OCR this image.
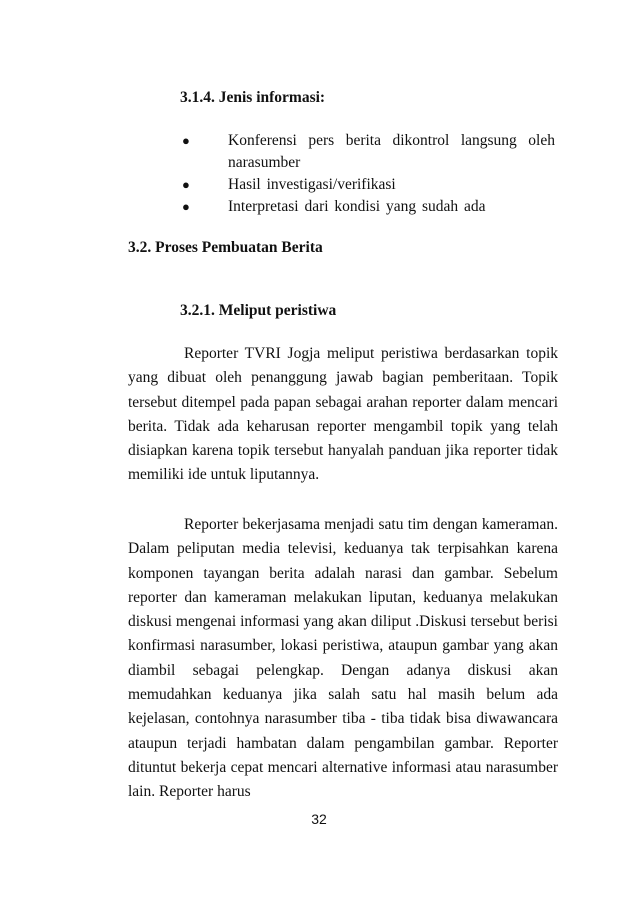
3.1.4. Jenis informasi:
● Konferensi pers berita dikontrol langsung oleh narasumber
● Hasil investigasi/verifikasi
● Interpretasi dari kondisi yang sudah ada
3.2. Proses Pembuatan Berita
3.2.1. Meliput peristiwa

Reporter TVRI Jogja meliput peristiwa berdasarkan topik yang dibuat oleh penanggung jawab bagian pemberitaan. Topik tersebut ditempel pada papan sebagai arahan reporter dalam mencari berita. Tidak ada keharusan reporter mengambil topik yang telah disiapkan karena topik tersebut hanyalah panduan jika reporter tidak memiliki ide untuk liputannya.

Reporter bekerjasama menjadi satu tim dengan kameraman. Dalam peliputan media televisi, keduanya tak terpisahkan karena komponen tayangan berita adalah narasi dan gambar. Sebelum reporter dan kameraman melakukan liputan, keduanya melakukan diskusi mengenai informasi yang akan diliput .Diskusi tersebut berisi konfirmasi narasumber, lokasi peristiwa, ataupun gambar yang akan diambil sebagai pelengkap. Dengan adanya diskusi akan memudahkan keduanya jika salah satu hal masih belum ada kejelasan, contohnya narasumber tiba - tiba tidak bisa diwawancara ataupun terjadi hambatan dalam pengambilan gambar. Reporter dituntut bekerja cepat mencari alternative informasi atau narasumber lain. Reporter harus

32
